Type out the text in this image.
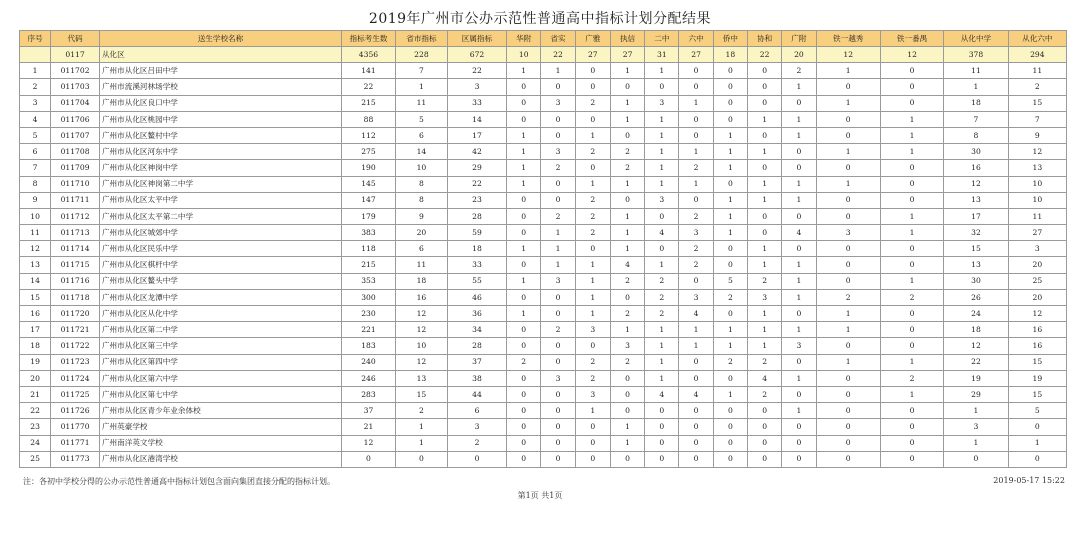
2019年广州市公办示范性普通高中指标计划分配结果
序号	代码	送生学校名称	指标考生数	省市指标	区属指标	华附	省实	广雅	执信	二中	六中	侨中	协和	广附	铁一越秀	铁一番禺	从化中学	从化六中
	0117	从化区	4356	228	672	10	22	27	27	31	27	18	22	20	12	12	378	294
1	011702	广州市从化区吕田中学	141	7	22	1	1	0	1	1	0	0	0	2	1	0	11	11
2	011703	广州市流溪河林场学校	22	1	3	0	0	0	0	0	0	0	0	1	0	0	1	2
3	011704	广州市从化区良口中学	215	11	33	0	3	2	1	3	1	0	0	0	1	0	18	15
4	011706	广州市从化区桃园中学	88	5	14	0	0	0	1	1	0	0	1	1	0	1	7	7
5	011707	广州市从化区鳌村中学	112	6	17	1	0	1	0	1	0	1	0	1	0	1	8	9
6	011708	广州市从化区河东中学	275	14	42	1	3	2	2	1	1	1	1	0	1	1	30	12
7	011709	广州市从化区神岗中学	190	10	29	1	2	0	2	1	2	1	0	0	0	0	16	13
8	011710	广州市从化区神岗第二中学	145	8	22	1	0	1	1	1	1	0	1	1	1	0	12	10
9	011711	广州市从化区太平中学	147	8	23	0	0	2	0	3	0	1	1	1	0	0	13	10
10	011712	广州市从化区太平第二中学	179	9	28	0	2	2	1	0	2	1	0	0	0	1	17	11
11	011713	广州市从化区城郊中学	383	20	59	0	1	2	1	4	3	1	0	4	3	1	32	27
12	011714	广州市从化区民乐中学	118	6	18	1	1	0	1	0	2	0	1	0	0	0	15	3
13	011715	广州市从化区棋杆中学	215	11	33	0	1	1	4	1	2	0	1	1	0	0	13	20
14	011716	广州市从化区鳌头中学	353	18	55	1	3	1	2	2	0	5	2	1	0	1	30	25
15	011718	广州市从化区龙潭中学	300	16	46	0	0	1	0	2	3	2	3	1	2	2	26	20
16	011720	广州市从化区从化中学	230	12	36	1	0	1	2	2	4	0	1	0	1	0	24	12
17	011721	广州市从化区第二中学	221	12	34	0	2	3	1	1	1	1	1	1	1	0	18	16
18	011722	广州市从化区第三中学	183	10	28	0	0	0	3	1	1	1	1	3	0	0	12	16
19	011723	广州市从化区第四中学	240	12	37	2	0	2	2	1	0	2	2	0	1	1	22	15
20	011724	广州市从化区第六中学	246	13	38	0	3	2	0	1	0	0	4	1	0	2	19	19
21	011725	广州市从化区第七中学	283	15	44	0	0	3	0	4	4	1	2	0	0	1	29	15
22	011726	广州市从化区青少年业余体校	37	2	6	0	0	1	0	0	0	0	0	1	0	0	1	5
23	011770	广州英豪学校	21	1	3	0	0	0	1	0	0	0	0	0	0	0	3	0
24	011771	广州南洋英文学校	12	1	2	0	0	0	1	0	0	0	0	0	0	0	1	1
25	011773	广州市从化区港湾学校	0	0	0	0	0	0	0	0	0	0	0	0	0	0	0	0
注：各初中学校分得的公办示范性普通高中指标计划包含面向集团直接分配的指标计划。	2019-05-17 15:22
第1页 共1页
